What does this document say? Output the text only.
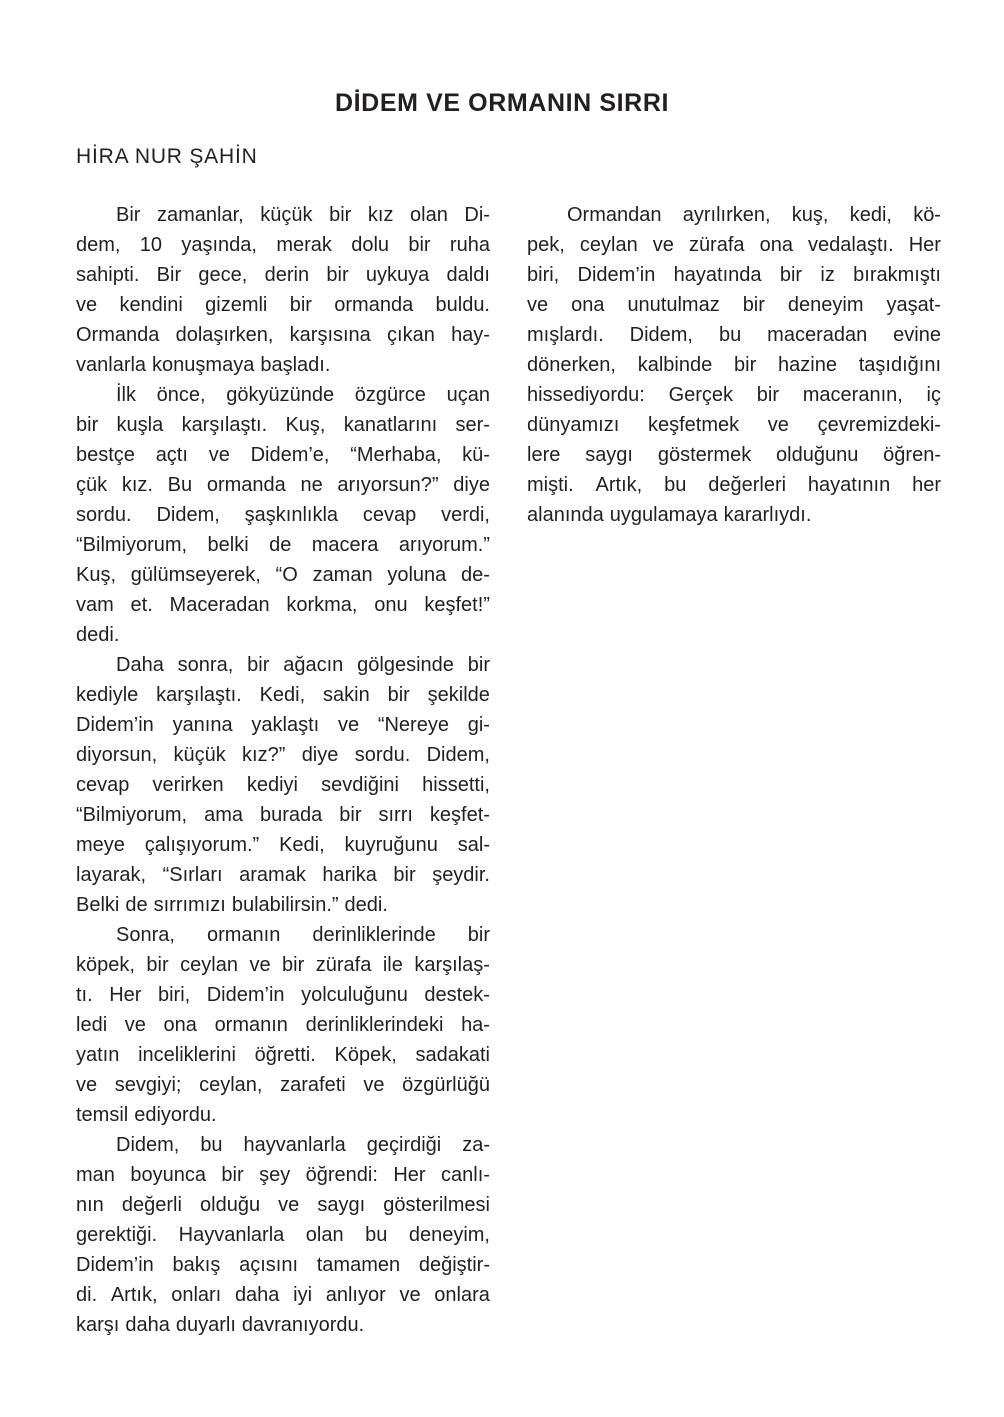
DİDEM VE ORMANIN SIRRI
HİRA NUR ŞAHİN
Bir zamanlar, küçük bir kız olan Di-
dem, 10 yaşında, merak dolu bir ruha
sahipti. Bir gece, derin bir uykuya daldı
ve kendini gizemli bir ormanda buldu.
Ormanda dolaşırken, karşısına çıkan hay-
vanlarla konuşmaya başladı.
İlk önce, gökyüzünde özgürce uçan
bir kuşla karşılaştı. Kuş, kanatlarını ser-
bestçe açtı ve Didem’e, “Merhaba, kü-
çük kız. Bu ormanda ne arıyorsun?” diye
sordu. Didem, şaşkınlıkla cevap verdi,
“Bilmiyorum, belki de macera arıyorum.”
Kuş, gülümseyerek, “O zaman yoluna de-
vam et. Maceradan korkma, onu keşfet!”
dedi.
Daha sonra, bir ağacın gölgesinde bir
kediyle karşılaştı. Kedi, sakin bir şekilde
Didem’in yanına yaklaştı ve “Nereye gi-
diyorsun, küçük kız?” diye sordu. Didem,
cevap verirken kediyi sevdiğini hissetti,
“Bilmiyorum, ama burada bir sırrı keşfet-
meye çalışıyorum.” Kedi, kuyruğunu sal-
layarak, “Sırları aramak harika bir şeydir.
Belki de sırrımızı bulabilirsin.” dedi.
Sonra, ormanın derinliklerinde bir
köpek, bir ceylan ve bir zürafa ile karşılaş-
tı. Her biri, Didem’in yolculuğunu destek-
ledi ve ona ormanın derinliklerindeki ha-
yatın inceliklerini öğretti. Köpek, sadakati
ve sevgiyi; ceylan, zarafeti ve özgürlüğü
temsil ediyordu.
Didem, bu hayvanlarla geçirdiği za-
man boyunca bir şey öğrendi: Her canlı-
nın değerli olduğu ve saygı gösterilmesi
gerektiği. Hayvanlarla olan bu deneyim,
Didem’in bakış açısını tamamen değiştir-
di. Artık, onları daha iyi anlıyor ve onlara
karşı daha duyarlı davranıyordu.
Ormandan ayrılırken, kuş, kedi, kö-
pek, ceylan ve zürafa ona vedalaştı. Her
biri, Didem’in hayatında bir iz bırakmıştı
ve ona unutulmaz bir deneyim yaşat-
mışlardı. Didem, bu maceradan evine
dönerken, kalbinde bir hazine taşıdığını
hissediyordu: Gerçek bir maceranın, iç
dünyamızı keşfetmek ve çevremizdeki-
lere saygı göstermek olduğunu öğren-
mişti. Artık, bu değerleri hayatının her
alanında uygulamaya kararlıydı.
